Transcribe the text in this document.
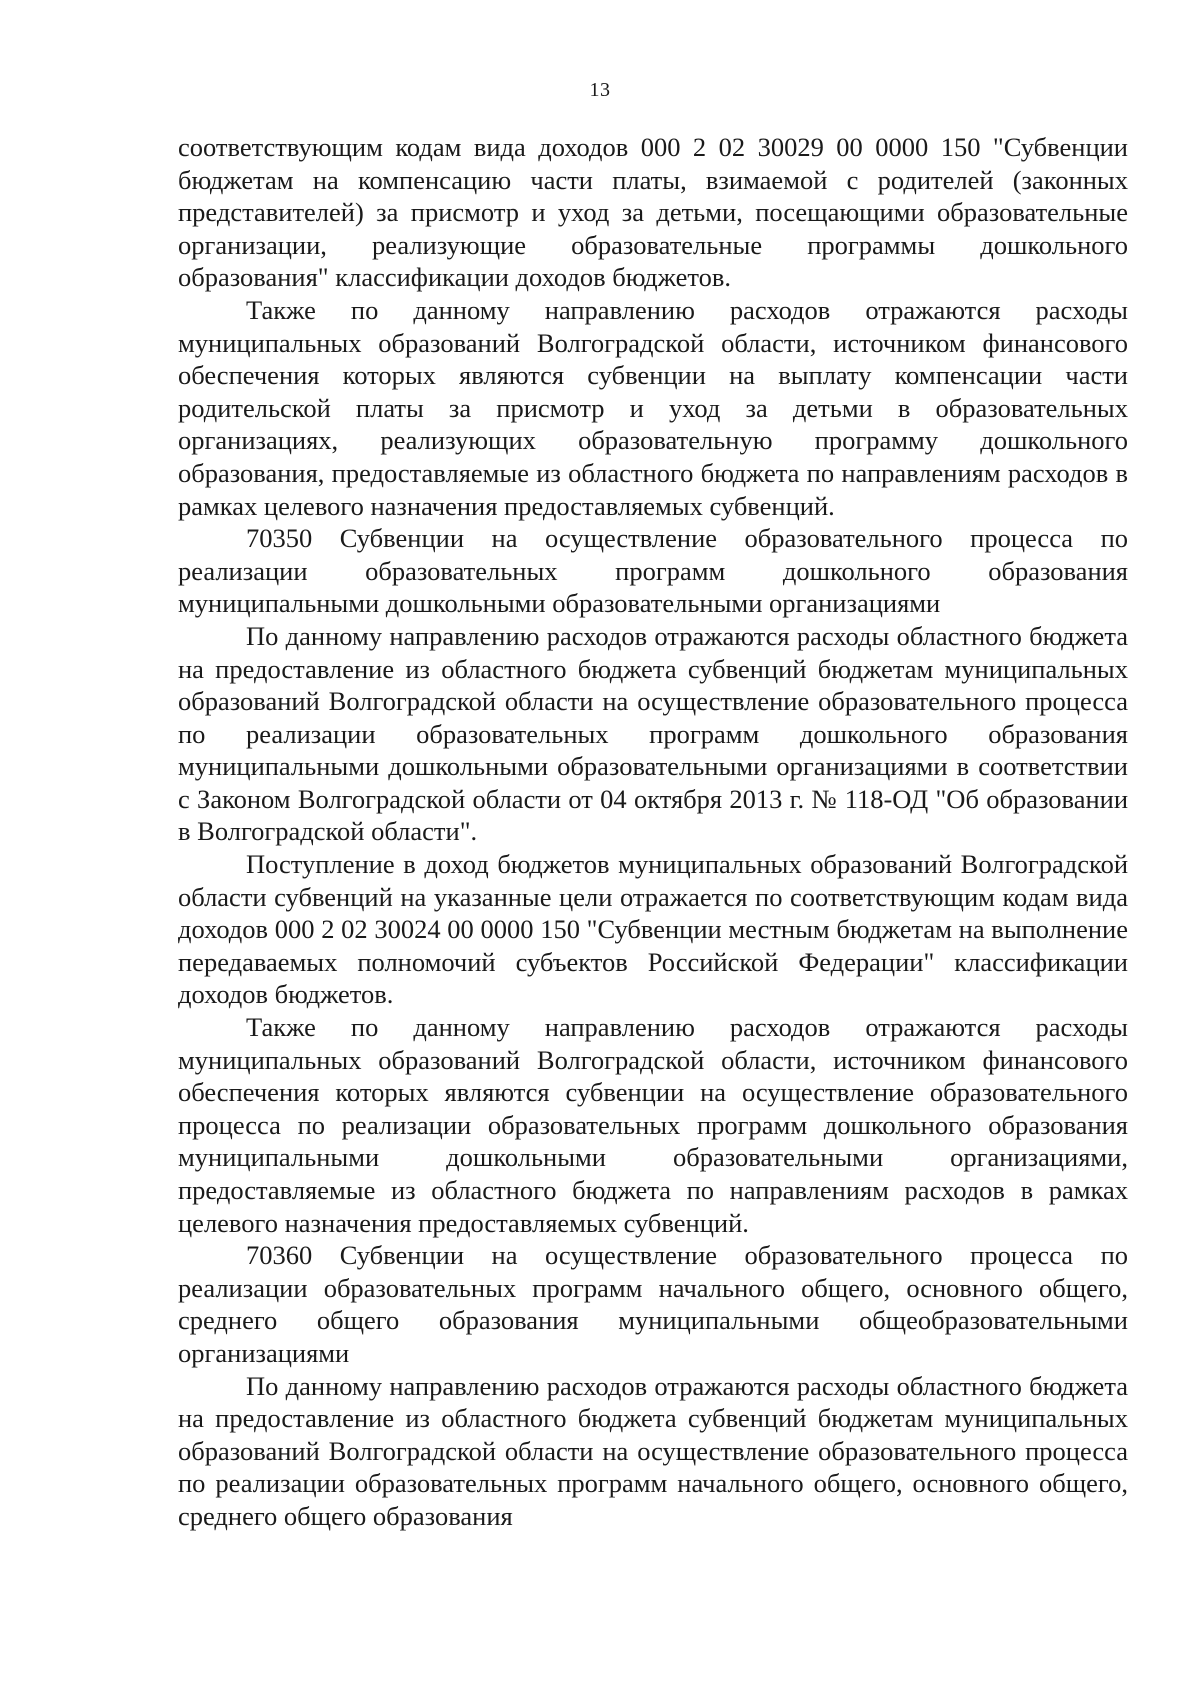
13

соответствующим кодам вида доходов 000 2 02 30029 00 0000 150 "Субвенции бюджетам на компенсацию части платы, взимаемой с родителей (законных представителей) за присмотр и уход за детьми, посещающими образовательные организации, реализующие образовательные программы дошкольного образования" классификации доходов бюджетов.

Также по данному направлению расходов отражаются расходы муниципальных образований Волгоградской области, источником финансового обеспечения которых являются субвенции на выплату компенсации части родительской платы за присмотр и уход за детьми в образовательных организациях, реализующих образовательную программу дошкольного образования, предоставляемые из областного бюджета по направлениям расходов в рамках целевого назначения предоставляемых субвенций.

70350 Субвенции на осуществление образовательного процесса по реализации образовательных программ дошкольного образования муниципальными дошкольными образовательными организациями

По данному направлению расходов отражаются расходы областного бюджета на предоставление из областного бюджета субвенций бюджетам муниципальных образований Волгоградской области на осуществление образовательного процесса по реализации образовательных программ дошкольного образования муниципальными дошкольными образовательными организациями в соответствии с Законом Волгоградской области от 04 октября 2013 г. № 118-ОД "Об образовании в Волгоградской области".

Поступление в доход бюджетов муниципальных образований Волгоградской области субвенций на указанные цели отражается по соответствующим кодам вида доходов 000 2 02 30024 00 0000 150 "Субвенции местным бюджетам на выполнение передаваемых полномочий субъектов Российской Федерации" классификации доходов бюджетов.

Также по данному направлению расходов отражаются расходы муниципальных образований Волгоградской области, источником финансового обеспечения которых являются субвенции на осуществление образовательного процесса по реализации образовательных программ дошкольного образования муниципальными дошкольными образовательными организациями, предоставляемые из областного бюджета по направлениям расходов в рамках целевого назначения предоставляемых субвенций.

70360 Субвенции на осуществление образовательного процесса по реализации образовательных программ начального общего, основного общего, среднего общего образования муниципальными общеобразовательными организациями

По данному направлению расходов отражаются расходы областного бюджета на предоставление из областного бюджета субвенций бюджетам муниципальных образований Волгоградской области на осуществление образовательного процесса по реализации образовательных программ начального общего, основного общего, среднего общего образования
